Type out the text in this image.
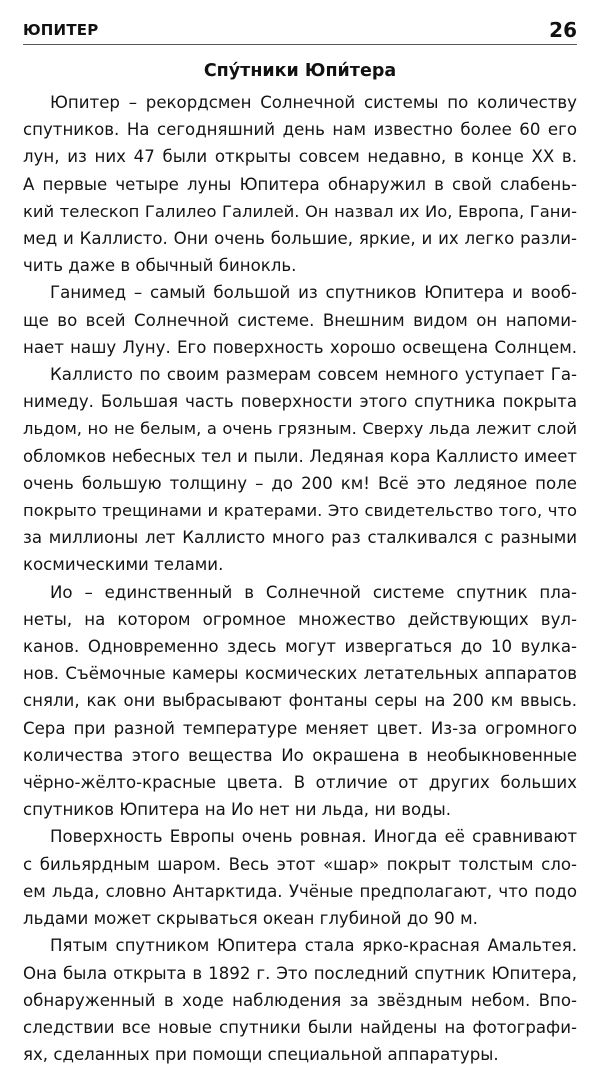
ЮПИТЕР	26
Спу́тники Юпи́тера

Юпитер – рекордсмен Солнечной системы по количеству
спутников. На сегодняшний день нам известно более 60 его
лун, из них 47 были открыты совсем недавно, в конце XX в.
А первые четыре луны Юпитера обнаружил в свой слабень-
кий телескоп Галилео Галилей. Он назвал их Ио, Европа, Гани-
мед и Каллисто. Они очень большие, яркие, и их легко разли-
чить даже в обычный бинокль.

Ганимед – самый большой из спутников Юпитера и вооб-
ще во всей Солнечной системе. Внешним видом он напоми-
нает нашу Луну. Его поверхность хорошо освещена Солнцем.

Каллисто по своим размерам совсем немного уступает Га-
нимеду. Большая часть поверхности этого спутника покрыта
льдом, но не белым, а очень грязным. Сверху льда лежит слой
обломков небесных тел и пыли. Ледяная кора Каллисто имеет
очень большую толщину – до 200 км! Всё это ледяное поле
покрыто трещинами и кратерами. Это свидетельство того, что
за миллионы лет Каллисто много раз сталкивался с разными
космическими телами.

Ио – единственный в Солнечной системе спутник пла-
неты, на котором огромное множество действующих вул-
канов. Одновременно здесь могут извергаться до 10 вулка-
нов. Съёмочные камеры космических летательных аппаратов
сняли, как они выбрасывают фонтаны серы на 200 км ввысь.
Сера при разной температуре меняет цвет. Из-за огромного
количества этого вещества Ио окрашена в необыкновенные
чёрно-жёлто-красные цвета. В отличие от других больших
спутников Юпитера на Ио нет ни льда, ни воды.

Поверхность Европы очень ровная. Иногда её сравнивают
с бильярдным шаром. Весь этот «шар» покрыт толстым сло-
ем льда, словно Антарктида. Учёные предполагают, что подо
льдами может скрываться океан глубиной до 90 м.

Пятым спутником Юпитера стала ярко-красная Амальтея.
Она была открыта в 1892 г. Это последний спутник Юпитера,
обнаруженный в ходе наблюдения за звёздным небом. Впо-
следствии все новые спутники были найдены на фотографи-
ях, сделанных при помощи специальной аппаратуры.
